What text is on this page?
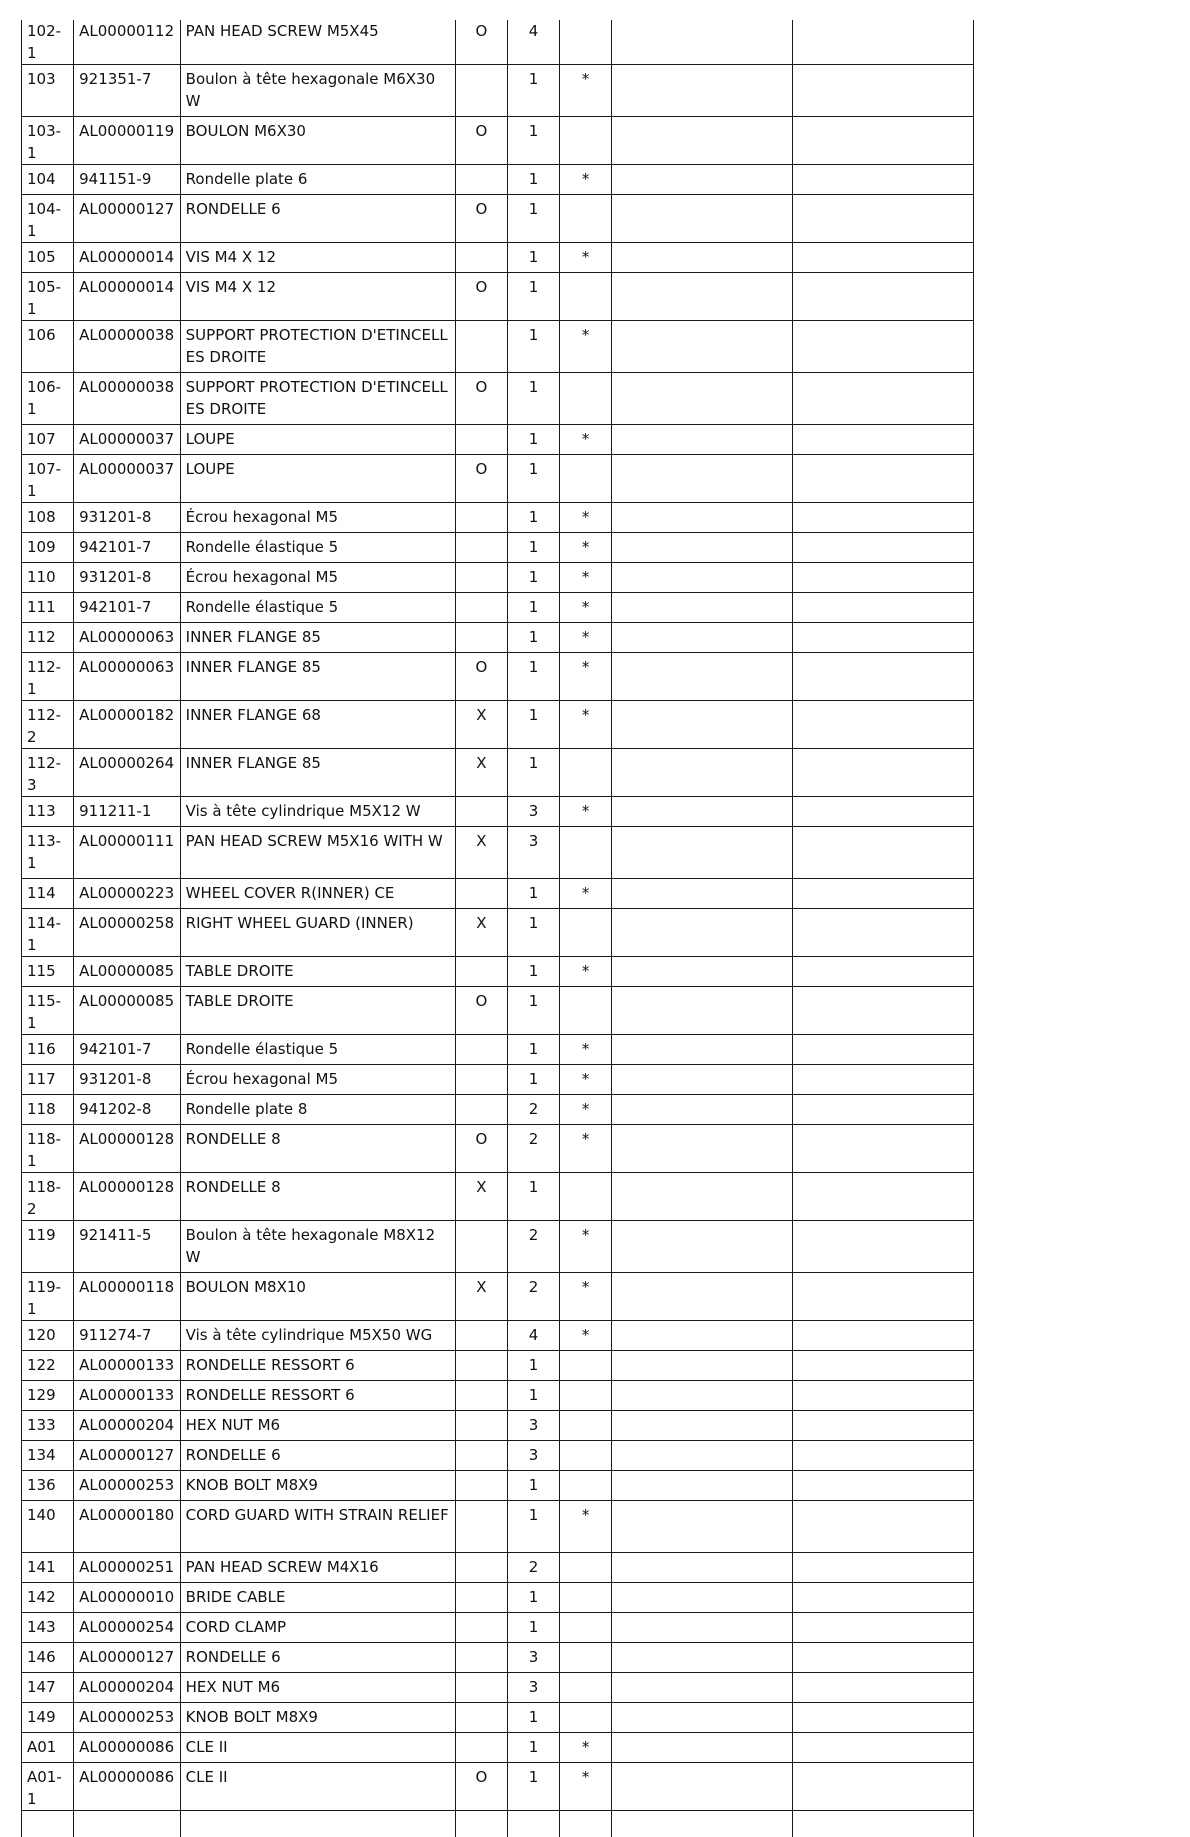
102-1	AL00000112	PAN HEAD SCREW M5X45	O	4			
103	921351-7	Boulon à tête hexagonale M6X30 W		1	*		
103-1	AL00000119	BOULON M6X30	O	1			
104	941151-9	Rondelle plate 6		1	*		
104-1	AL00000127	RONDELLE 6	O	1			
105	AL00000014	VIS M4 X 12		1	*		
105-1	AL00000014	VIS M4 X 12	O	1			
106	AL00000038	SUPPORT PROTECTION D'ETINCELLES DROITE		1	*		
106-1	AL00000038	SUPPORT PROTECTION D'ETINCELLES DROITE	O	1			
107	AL00000037	LOUPE		1	*		
107-1	AL00000037	LOUPE	O	1			
108	931201-8	Écrou hexagonal M5		1	*		
109	942101-7	Rondelle élastique 5		1	*		
110	931201-8	Écrou hexagonal M5		1	*		
111	942101-7	Rondelle élastique 5		1	*		
112	AL00000063	INNER FLANGE 85		1	*		
112-1	AL00000063	INNER FLANGE 85	O	1	*		
112-2	AL00000182	INNER FLANGE 68	X	1	*		
112-3	AL00000264	INNER FLANGE 85	X	1			
113	911211-1	Vis à tête cylindrique M5X12 W		3	*		
113-1	AL00000111	PAN HEAD SCREW M5X16 WITH W	X	3			
114	AL00000223	WHEEL COVER R(INNER) CE		1	*		
114-1	AL00000258	RIGHT WHEEL GUARD (INNER)	X	1			
115	AL00000085	TABLE DROITE		1	*		
115-1	AL00000085	TABLE DROITE	O	1			
116	942101-7	Rondelle élastique 5		1	*		
117	931201-8	Écrou hexagonal M5		1	*		
118	941202-8	Rondelle plate 8		2	*		
118-1	AL00000128	RONDELLE 8	O	2	*		
118-2	AL00000128	RONDELLE 8	X	1			
119	921411-5	Boulon à tête hexagonale M8X12 W		2	*		
119-1	AL00000118	BOULON M8X10	X	2	*		
120	911274-7	Vis à tête cylindrique M5X50 WG		4	*		
122	AL00000133	RONDELLE RESSORT 6		1			
129	AL00000133	RONDELLE RESSORT 6		1			
133	AL00000204	HEX NUT M6		3			
134	AL00000127	RONDELLE 6		3			
136	AL00000253	KNOB BOLT M8X9		1			
140	AL00000180	CORD GUARD WITH STRAIN RELIEF		1	*		
141	AL00000251	PAN HEAD SCREW M4X16		2			
142	AL00000010	BRIDE CABLE		1			
143	AL00000254	CORD CLAMP		1			
146	AL00000127	RONDELLE 6		3			
147	AL00000204	HEX NUT M6		3			
149	AL00000253	KNOB BOLT M8X9		1			
A01	AL00000086	CLE II		1	*		
A01-1	AL00000086	CLE II	O	1	*		
